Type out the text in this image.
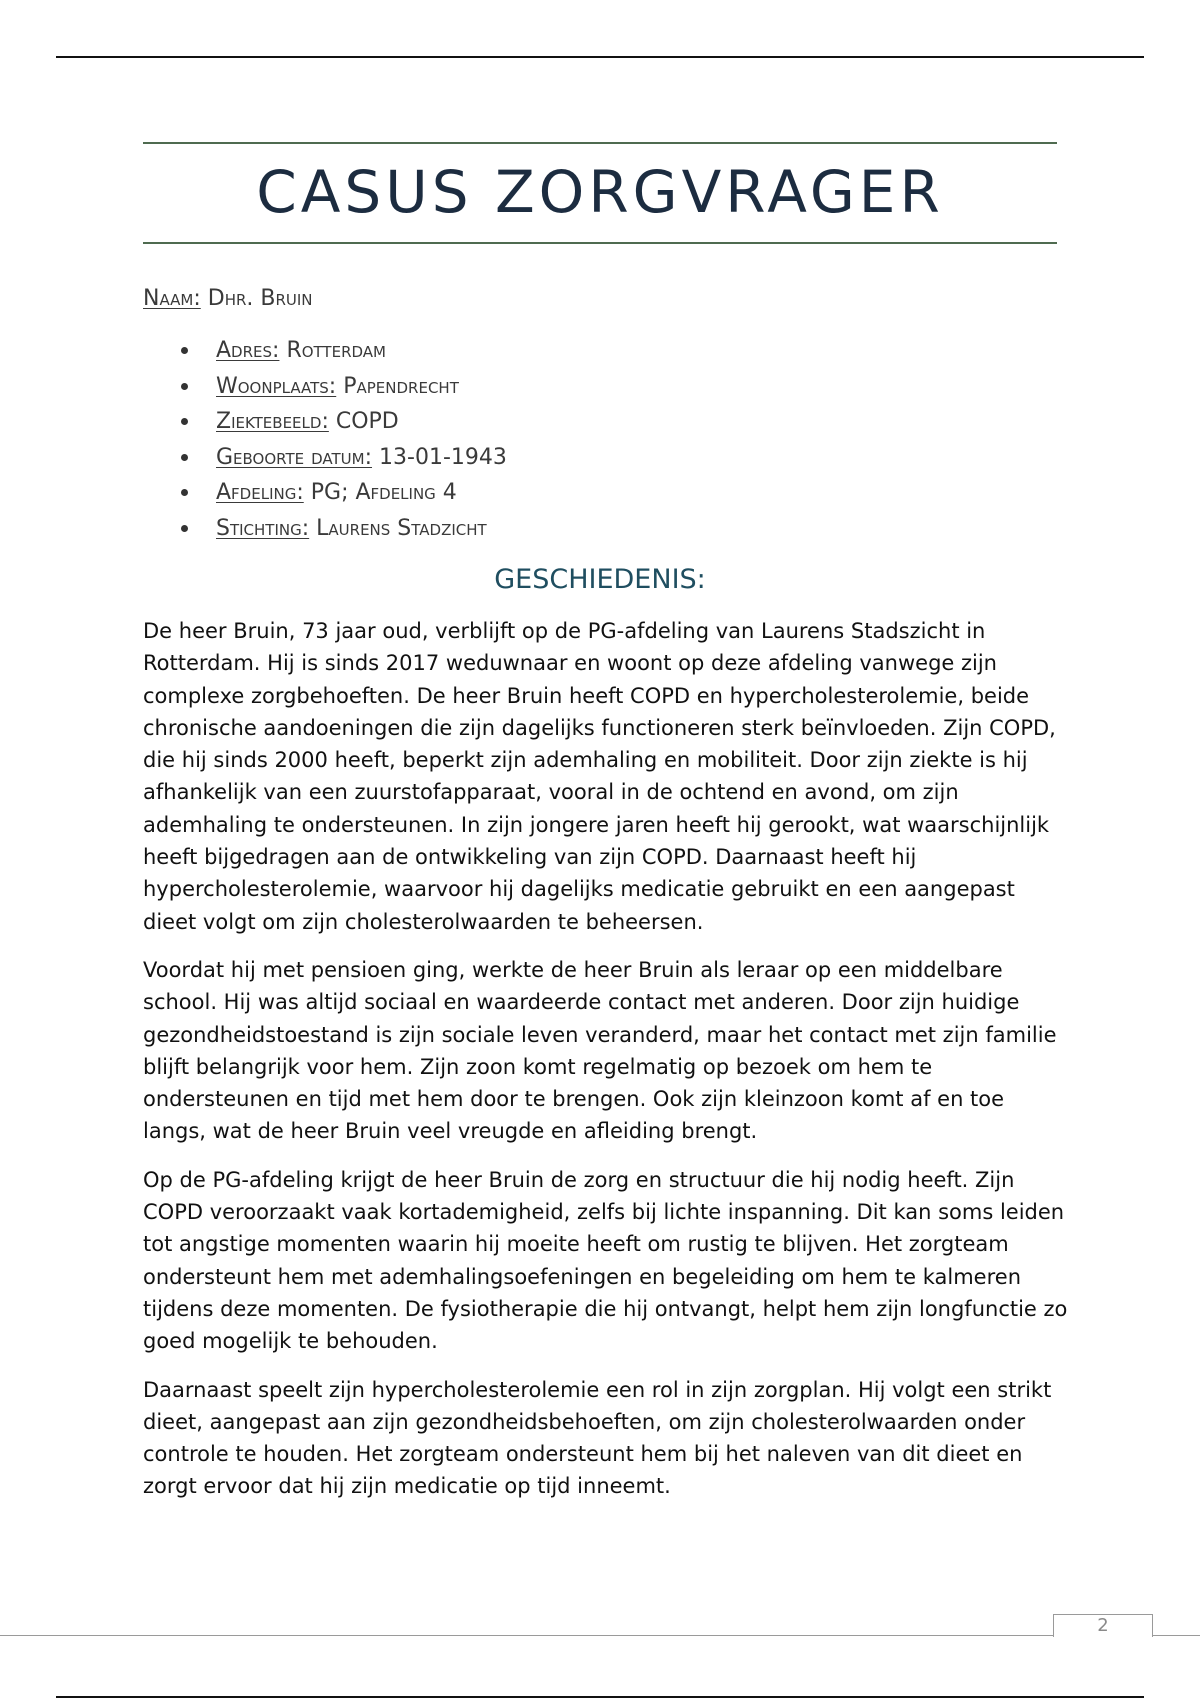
CASUS ZORGVRAGER
Naam: Dhr. Bruin
Adres: Rotterdam
Woonplaats: Papendrecht
Ziektebeeld: COPD
Geboorte datum: 13-01-1943
Afdeling: PG; Afdeling 4
Stichting: Laurens Stadzicht
GESCHIEDENIS:

De heer Bruin, 73 jaar oud, verblijft op de PG-afdeling van Laurens Stadszicht in Rotterdam. Hij is sinds 2017 weduwnaar en woont op deze afdeling vanwege zijn complexe zorgbehoeften. De heer Bruin heeft COPD en hypercholesterolemie, beide chronische aandoeningen die zijn dagelijks functioneren sterk beïnvloeden. Zijn COPD, die hij sinds 2000 heeft, beperkt zijn ademhaling en mobiliteit. Door zijn ziekte is hij afhankelijk van een zuurstofapparaat, vooral in de ochtend en avond, om zijn ademhaling te ondersteunen. In zijn jongere jaren heeft hij gerookt, wat waarschijnlijk heeft bijgedragen aan de ontwikkeling van zijn COPD. Daarnaast heeft hij hypercholesterolemie, waarvoor hij dagelijks medicatie gebruikt en een aangepast dieet volgt om zijn cholesterolwaarden te beheersen.

Voordat hij met pensioen ging, werkte de heer Bruin als leraar op een middelbare school. Hij was altijd sociaal en waardeerde contact met anderen. Door zijn huidige gezondheidstoestand is zijn sociale leven veranderd, maar het contact met zijn familie blijft belangrijk voor hem. Zijn zoon komt regelmatig op bezoek om hem te ondersteunen en tijd met hem door te brengen. Ook zijn kleinzoon komt af en toe langs, wat de heer Bruin veel vreugde en afleiding brengt.

Op de PG-afdeling krijgt de heer Bruin de zorg en structuur die hij nodig heeft. Zijn COPD veroorzaakt vaak kortademigheid, zelfs bij lichte inspanning. Dit kan soms leiden tot angstige momenten waarin hij moeite heeft om rustig te blijven. Het zorgteam ondersteunt hem met ademhalingsoefeningen en begeleiding om hem te kalmeren tijdens deze momenten. De fysiotherapie die hij ontvangt, helpt hem zijn longfunctie zo goed mogelijk te behouden.

Daarnaast speelt zijn hypercholesterolemie een rol in zijn zorgplan. Hij volgt een strikt dieet, aangepast aan zijn gezondheidsbehoeften, om zijn cholesterolwaarden onder controle te houden. Het zorgteam ondersteunt hem bij het naleven van dit dieet en zorgt ervoor dat hij zijn medicatie op tijd inneemt.

2
